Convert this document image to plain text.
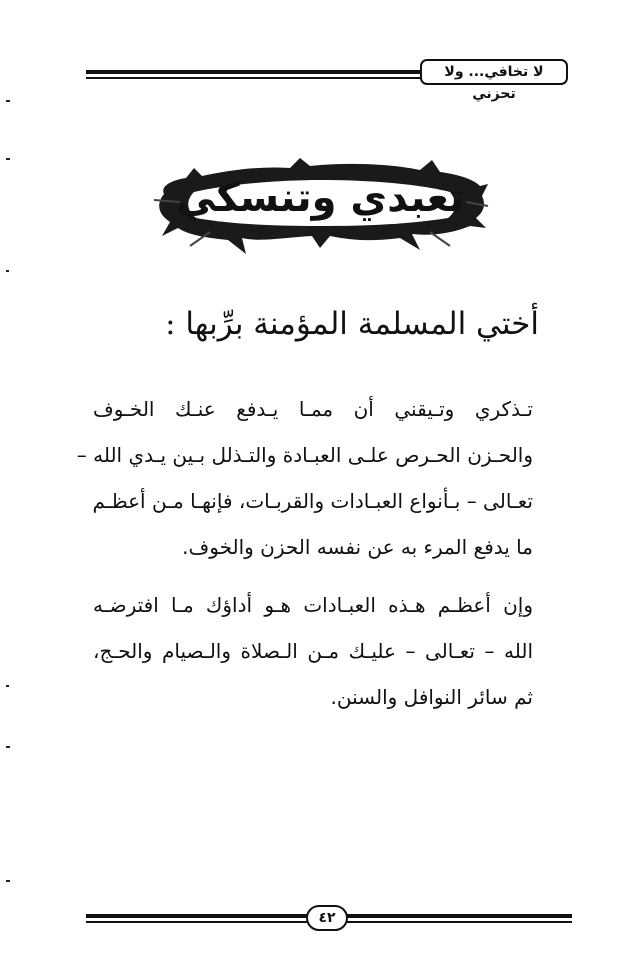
لا تخافي... ولا تحزني
تعبدي وتنسكي
أختي المسلمة المؤمنة برِّبها :
تـذكري وتـيقني أن ممـا يـدفع عنـك الخـوف
والحـزن الحـرص علـى العبـادة والتـذلل بـين يـدي الله –
تعـالى – بـأنواع العبـادات والقربـات، فإنهـا مـن أعظـم
ما يدفع المرء به عن نفسه الحزن والخوف.
وإن أعظـم هـذه العبـادات هـو أداؤك مـا افترضـه
الله – تعـالى – عليـك مـن الـصلاة والـصيام والحـج،
ثم سائر النوافل والسنن.
٤٢
